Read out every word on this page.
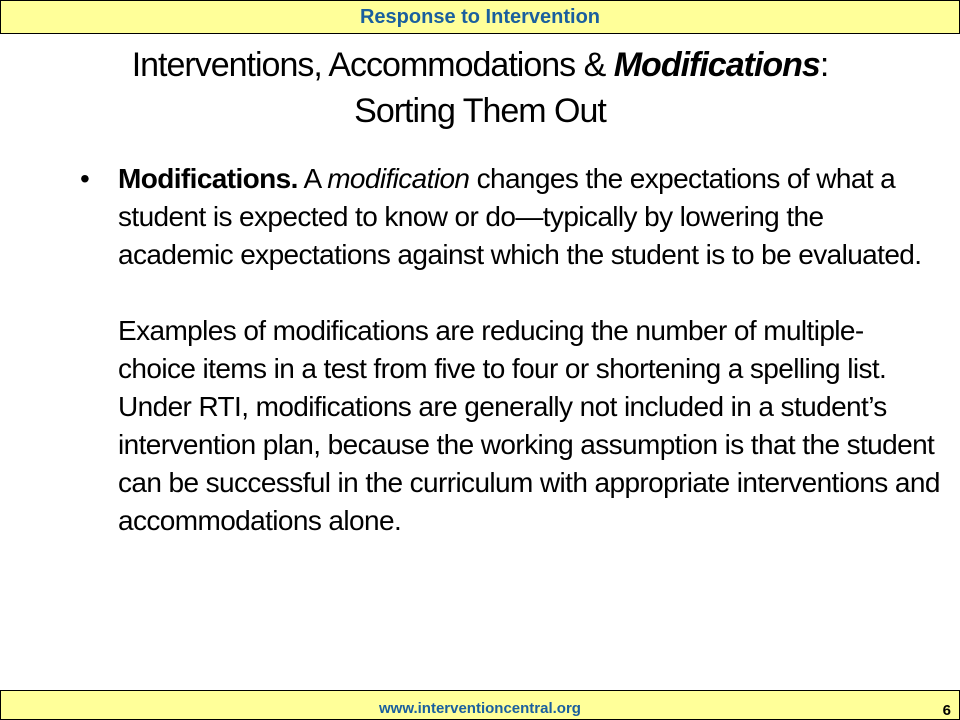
Response to Intervention
Interventions, Accommodations & Modifications:
Sorting Them Out
•	Modifications. A modification changes the expectations of what a student is expected to know or do—typically by lowering the academic expectations against which the student is to be evaluated.
Examples of modifications are reducing the number of multiple-choice items in a test from five to four or shortening a spelling list. Under RTI, modifications are generally not included in a student’s intervention plan, because the working assumption is that the student can be successful in the curriculum with appropriate interventions and accommodations alone.
www.interventioncentral.org	6
